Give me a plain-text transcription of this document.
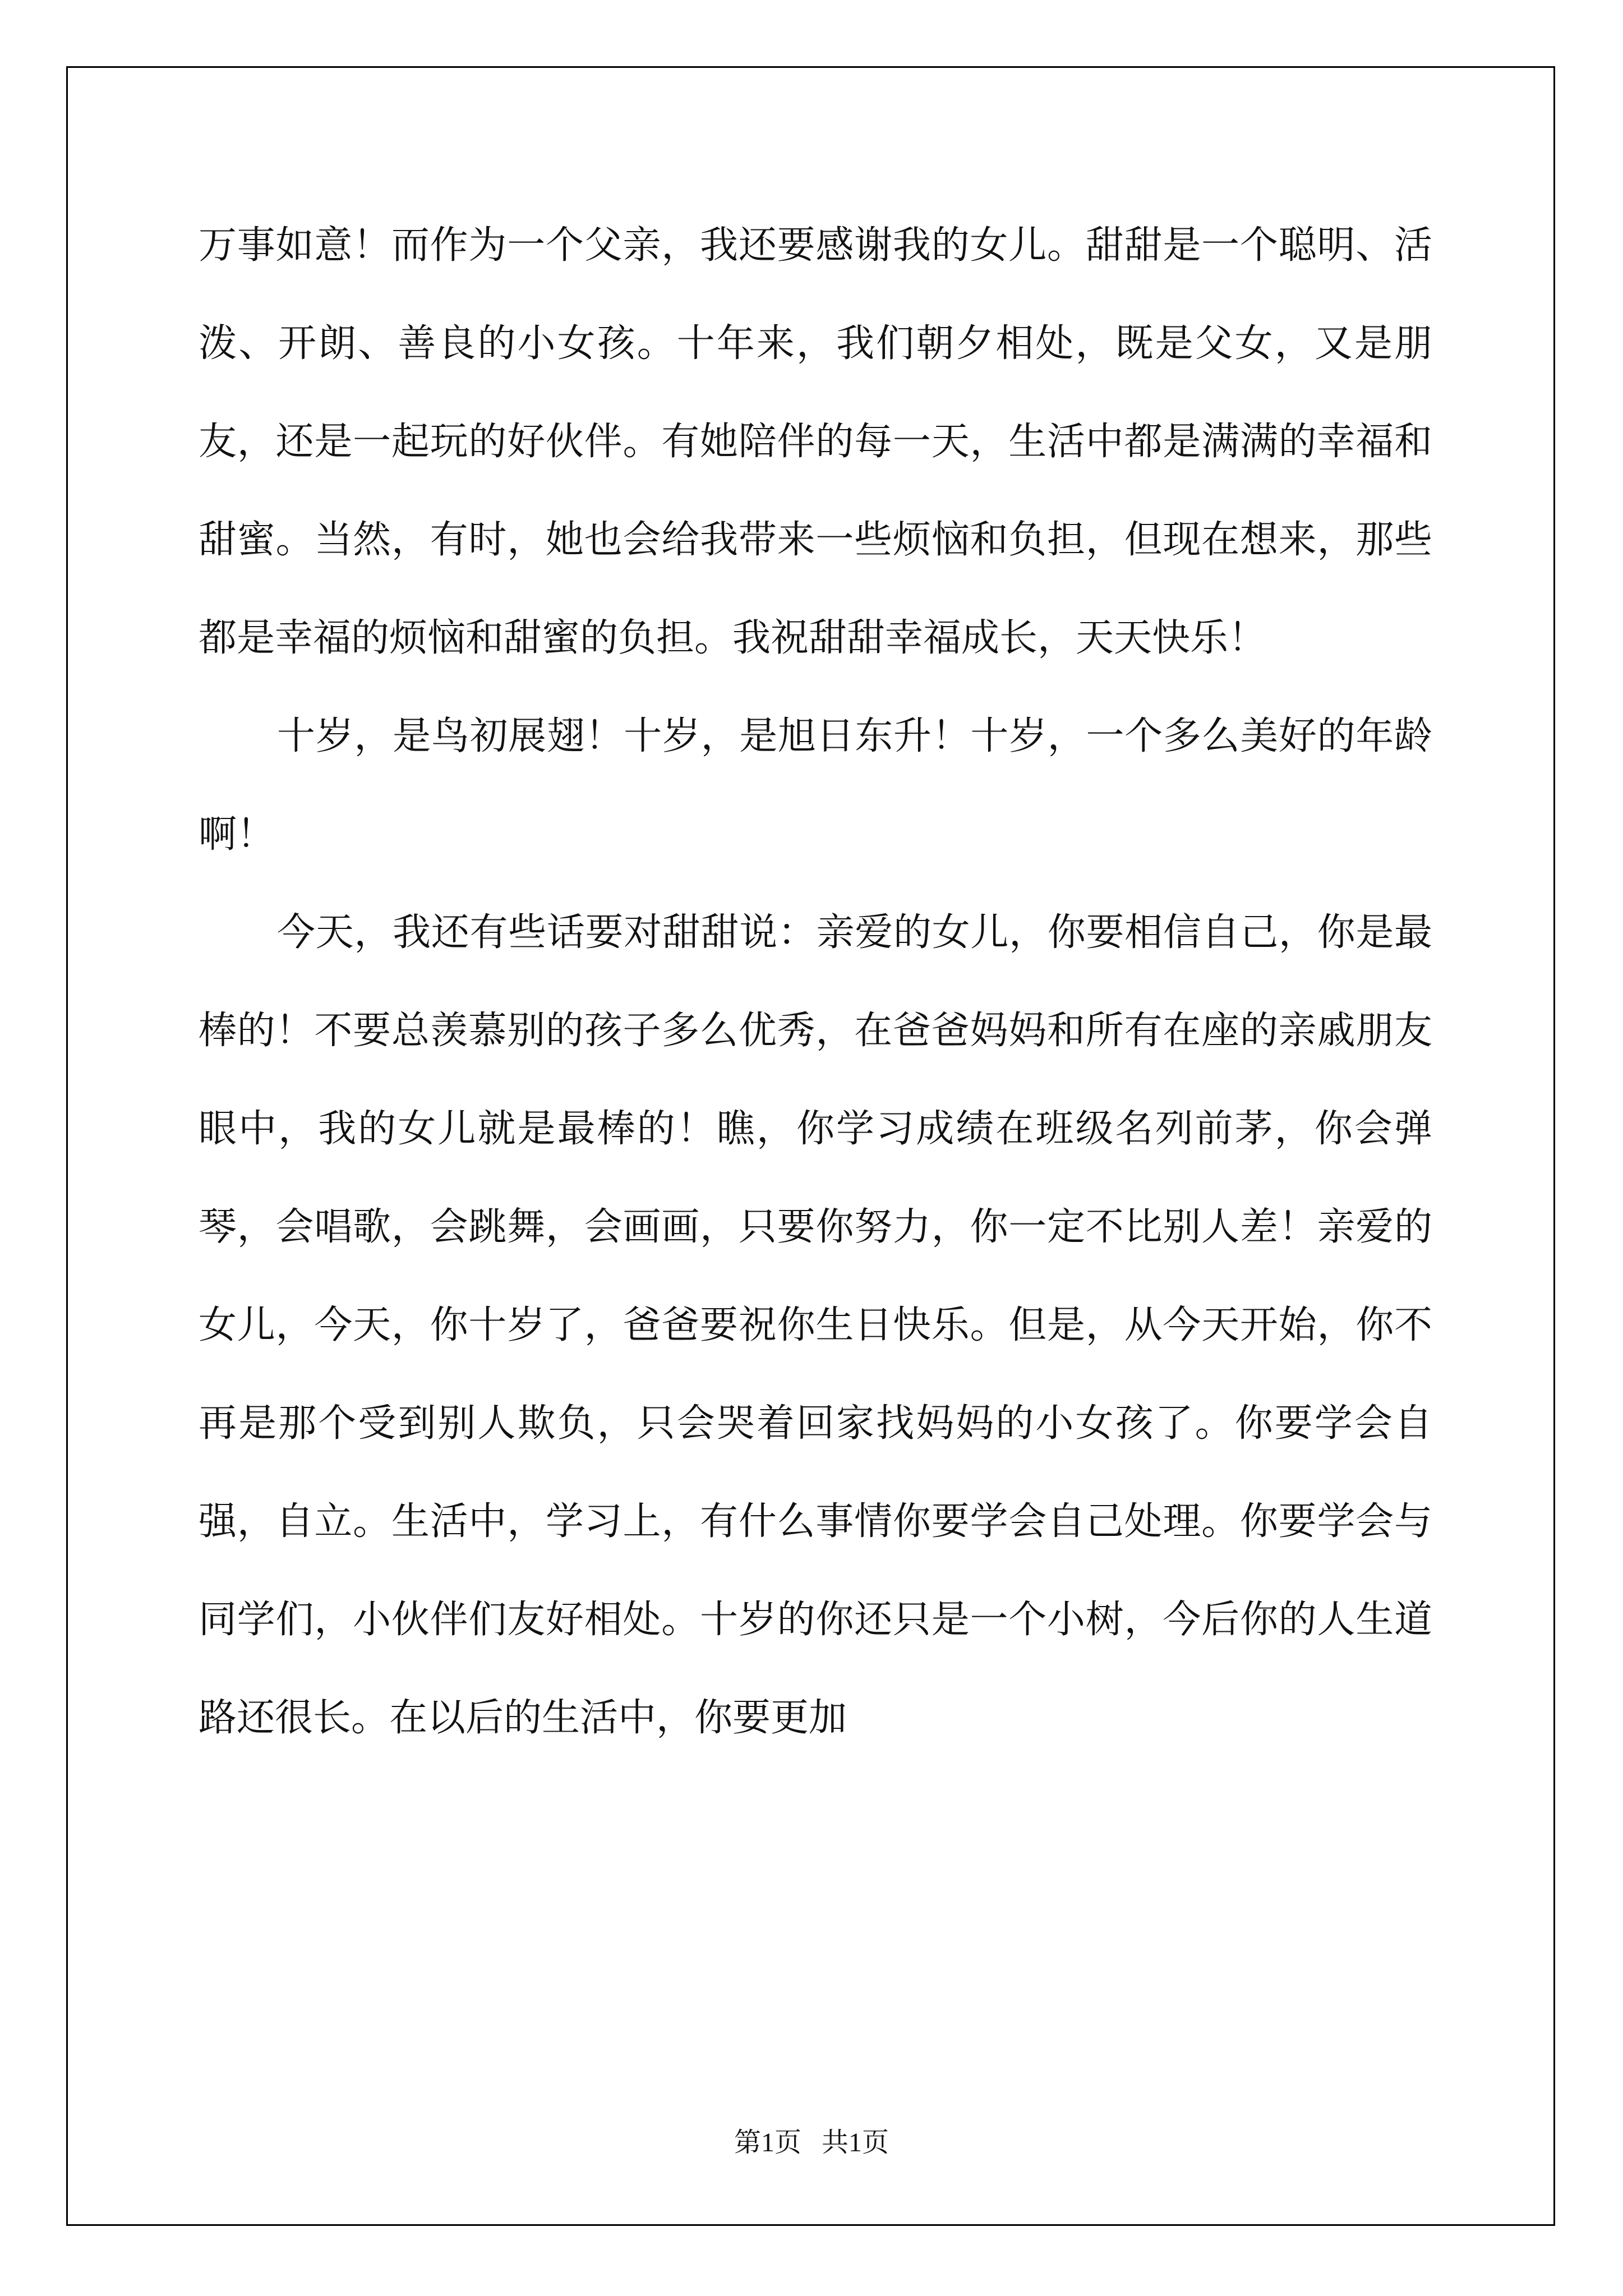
万事如意！而作为一个父亲，我还要感谢我的女儿。甜甜是一个聪明、活泼、开朗、善良的小女孩。十年来，我们朝夕相处，既是父女，又是朋友，还是一起玩的好伙伴。有她陪伴的每一天，生活中都是满满的幸福和甜蜜。当然，有时，她也会给我带来一些烦恼和负担，但现在想来，那些都是幸福的烦恼和甜蜜的负担。我祝甜甜幸福成长，天天快乐！

十岁，是鸟初展翅！十岁，是旭日东升！十岁，一个多么美好的年龄啊！

今天，我还有些话要对甜甜说：亲爱的女儿，你要相信自己，你是最棒的！不要总羡慕别的孩子多么优秀，在爸爸妈妈和所有在座的亲戚朋友眼中，我的女儿就是最棒的！瞧，你学习成绩在班级名列前茅，你会弹琴，会唱歌，会跳舞，会画画，只要你努力，你一定不比别人差！亲爱的女儿，今天，你十岁了，爸爸要祝你生日快乐。但是，从今天开始，你不再是那个受到别人欺负，只会哭着回家找妈妈的小女孩了。你要学会自强，自立。生活中，学习上，有什么事情你要学会自己处理。你要学会与同学们，小伙伴们友好相处。十岁的你还只是一个小树，今后你的人生道路还很长。在以后的生活中，你要更加

第1页   共1页
